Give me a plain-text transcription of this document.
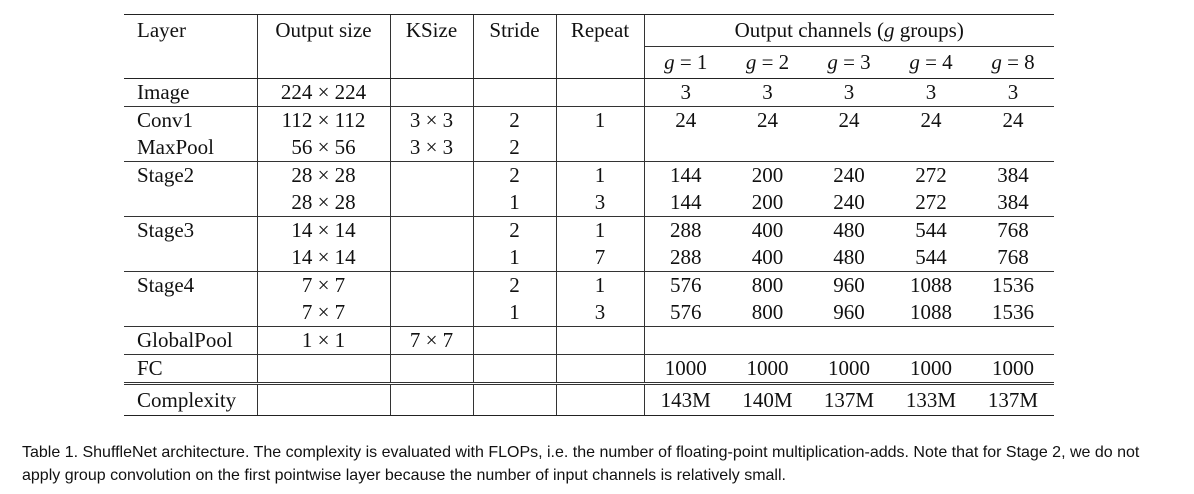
Layer	Output size	KSize	Stride	Repeat	Output channels (g groups)				
					g = 1	g = 2	g = 3	g = 4	g = 8
Image	224 × 224				3	3	3	3	3
Conv1	112 × 112	3 × 3	2	1	24	24	24	24	24
MaxPool	56 × 56	3 × 3	2						
Stage2	28 × 28		2	1	144	200	240	272	384
	28 × 28		1	3	144	200	240	272	384
Stage3	14 × 14		2	1	288	400	480	544	768
	14 × 14		1	7	288	400	480	544	768
Stage4	7 × 7		2	1	576	800	960	1088	1536
	7 × 7		1	3	576	800	960	1088	1536
GlobalPool	1 × 1	7 × 7							
FC					1000	1000	1000	1000	1000
Complexity					143M	140M	137M	133M	137M

Table 1. ShuffleNet architecture. The complexity is evaluated with FLOPs, i.e. the number of floating-point multiplication-adds. Note that for Stage 2, we do not apply group convolution on the first pointwise layer because the number of input channels is relatively small.
